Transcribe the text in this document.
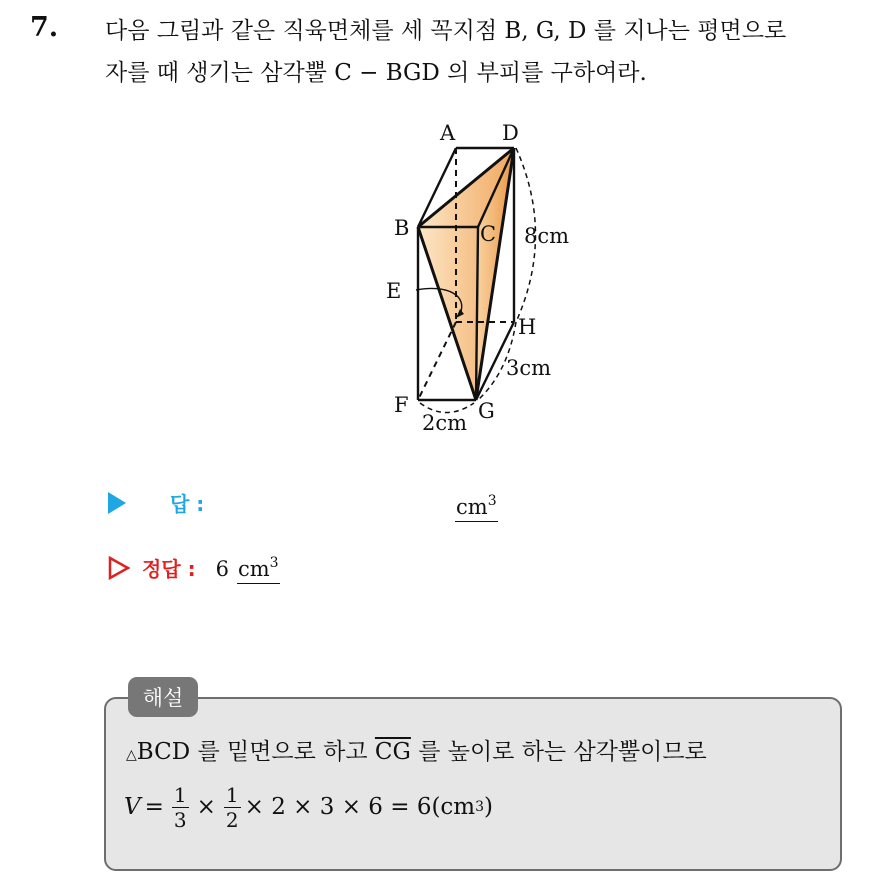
7. 다음 그림과 같은 직육면체를 세 꼭지점 B, G, D 를 지나는 평면으로
자를 때 생기는 삼각뿔 C − BGD 의 부피를 구하여라.
A D
B	C
E
H
F	G
8cm
3cm
2cm
답 :	$cm^3$
정답 : 6 $cm^3$
해설
△BCD 를 밑면으로 하고 $\overline{CG}$ 를 높이로 하는 삼각뿔이므로
$V = \frac{1}{3} \times \frac{1}{2} \times 2 \times 3 \times 6 = 6(cm$ 3 )
